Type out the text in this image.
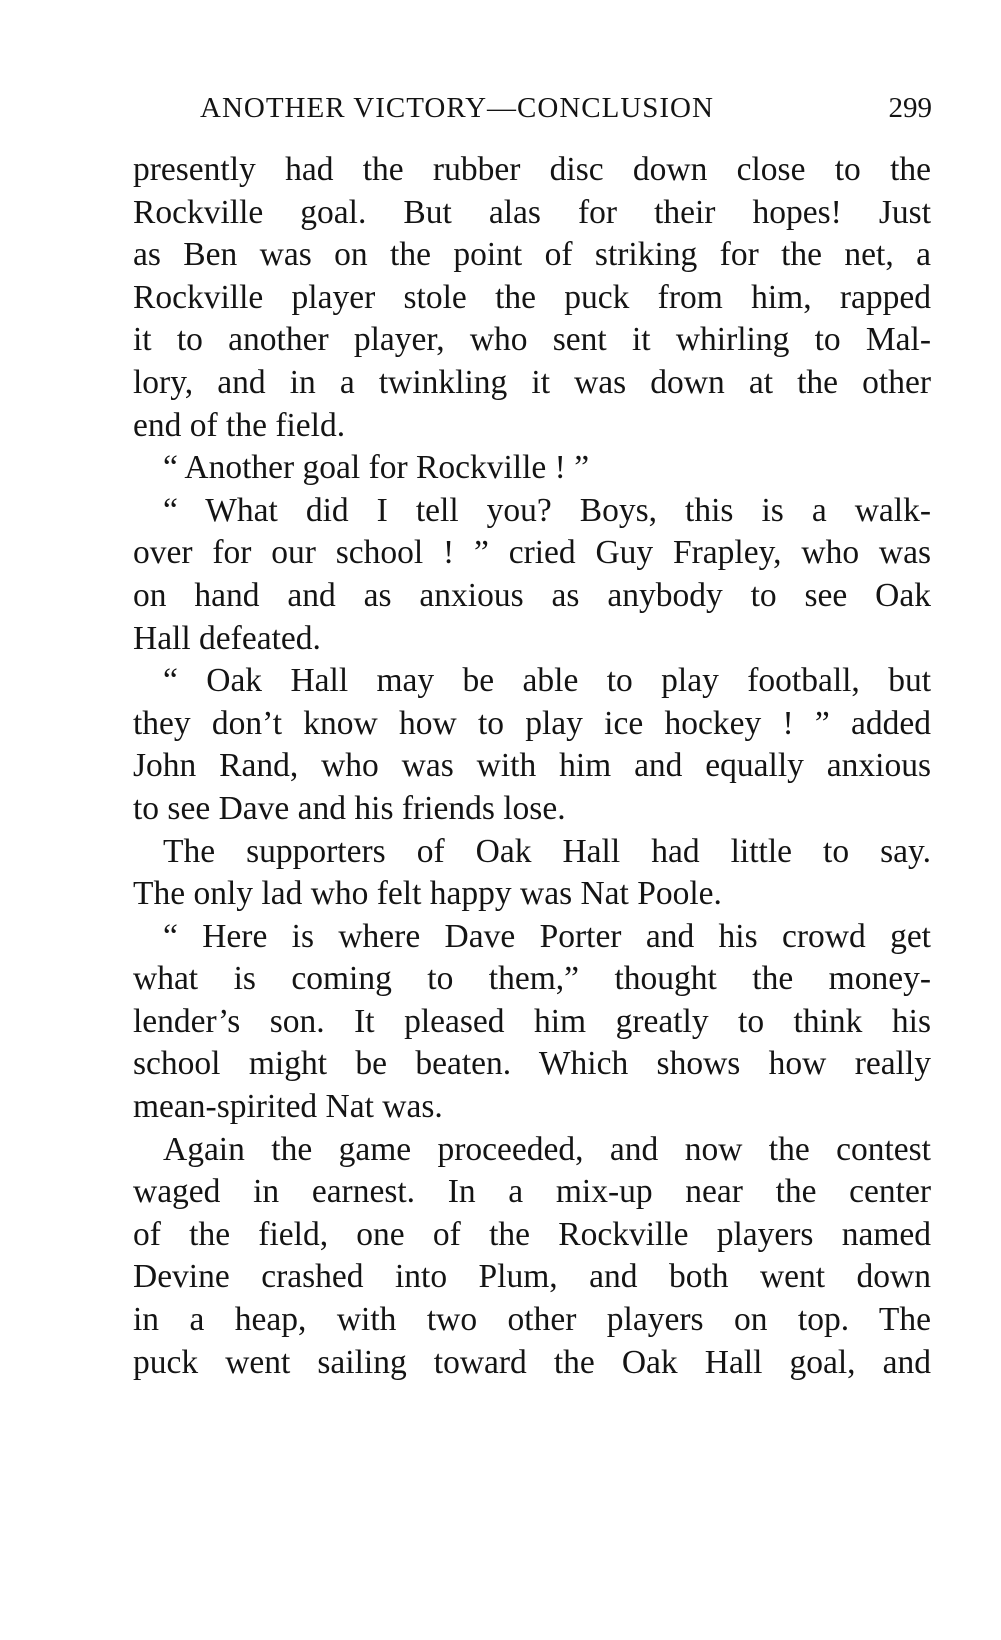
ANOTHER VICTORY—CONCLUSION	299
presently had the rubber disc down close to the
Rockville goal. But alas for their hopes! Just
as Ben was on the point of striking for the net, a
Rockville player stole the puck from him, rapped
it to another player, who sent it whirling to Mal-
lory, and in a twinkling it was down at the other
end of the field.
“ Another goal for Rockville ! ”
“ What did I tell you? Boys, this is a walk-
over for our school ! ” cried Guy Frapley, who was
on hand and as anxious as anybody to see Oak
Hall defeated.
“ Oak Hall may be able to play football, but
they don’t know how to play ice hockey ! ” added
John Rand, who was with him and equally anxious
to see Dave and his friends lose.
The supporters of Oak Hall had little to say.
The only lad who felt happy was Nat Poole.
“ Here is where Dave Porter and his crowd get
what is coming to them,” thought the money-
lender’s son. It pleased him greatly to think his
school might be beaten. Which shows how really
mean-spirited Nat was.
Again the game proceeded, and now the contest
waged in earnest. In a mix-up near the center
of the field, one of the Rockville players named
Devine crashed into Plum, and both went down
in a heap, with two other players on top. The
puck went sailing toward the Oak Hall goal, and
